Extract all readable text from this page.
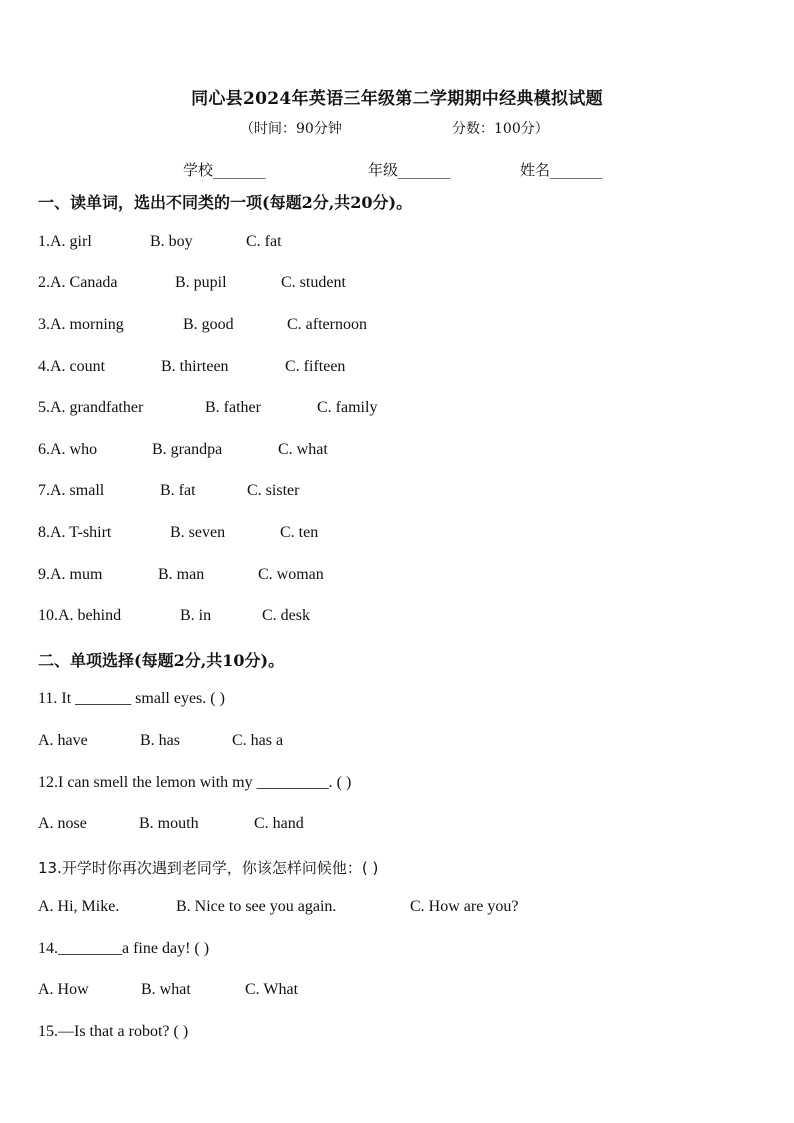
同心县2024年英语三年级第二学期期中经典模拟试题
（时间：90分钟	分数：100分）
学校_______	年级_______	姓名_______
一、读单词，选出不同类的一项(每题2分,共20分)。
1.A. girl	B. boy	C. fat
2.A. Canada	B. pupil	C. student
3.A. morning	B. good	C. afternoon
4.A. count	B. thirteen	C. fifteen
5.A. grandfather	B. father	C. family
6.A. who	B. grandpa	C. what
7.A. small	B. fat	C. sister
8.A. T-shirt	B. seven	C. ten
9.A. mum	B. man	C. woman
10.A. behind	B. in	C. desk
二、单项选择(每题2分,共10分)。
11. It _______ small eyes. ( )
A. have	B. has	C. has a
12.I can smell the lemon with my _________. ( )
A. nose	B. mouth	C. hand
13.开学时你再次遇到老同学，你该怎样问候他：( )
A. Hi, Mike.	B. Nice to see you again.	C. How are you?
14.________a fine day! ( )
A. How	B. what	C. What
15.—Is that a robot? ( )
